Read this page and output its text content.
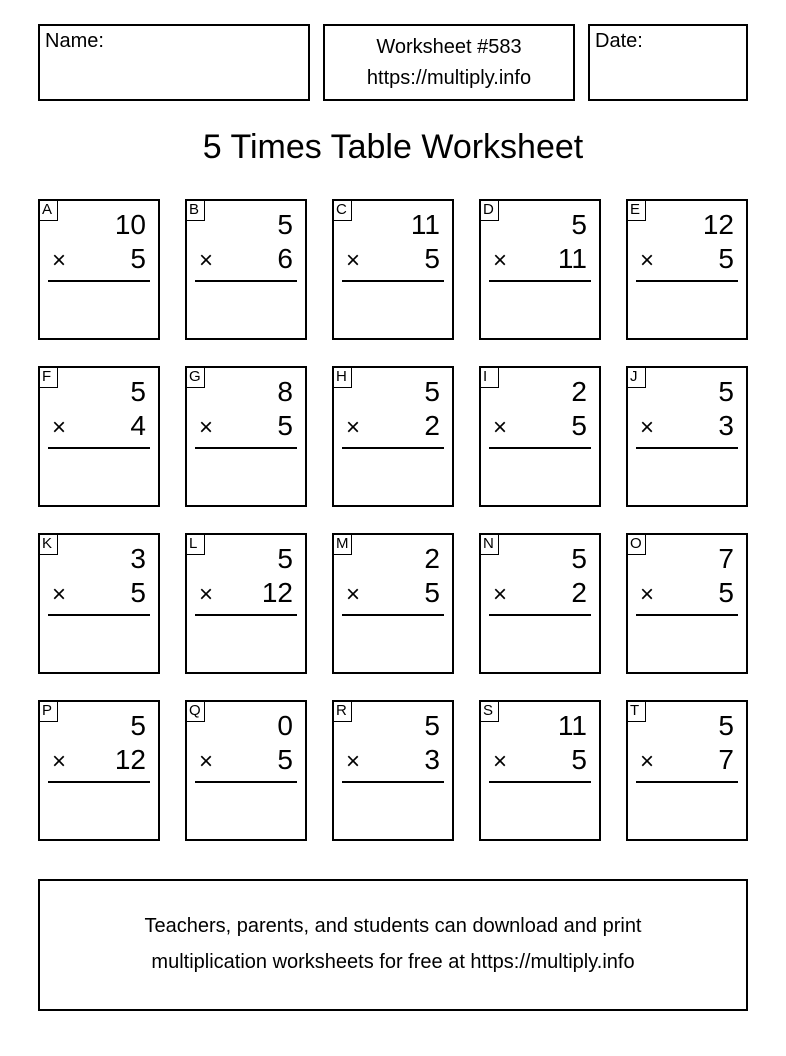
Name:	Worksheet #583
https://multiply.info
Date:
5 Times Table Worksheet
A 10
× 5
B	5
× 6
C 11
× 5
D	5
× 11
E 12
× 5
F	5
× 4
G	8
× 5
H	5
× 2
I	2
× 5
J	5
× 3
K	3
× 5
L	5
× 12
M	2
× 5
N	5
× 2
O	7
× 5
P	5
× 12
Q	0
× 5
R	5
× 3
S 11
× 5
T	5
× 7
Teachers, parents, and students can download and print
multiplication worksheets for free at https://multiply.info
